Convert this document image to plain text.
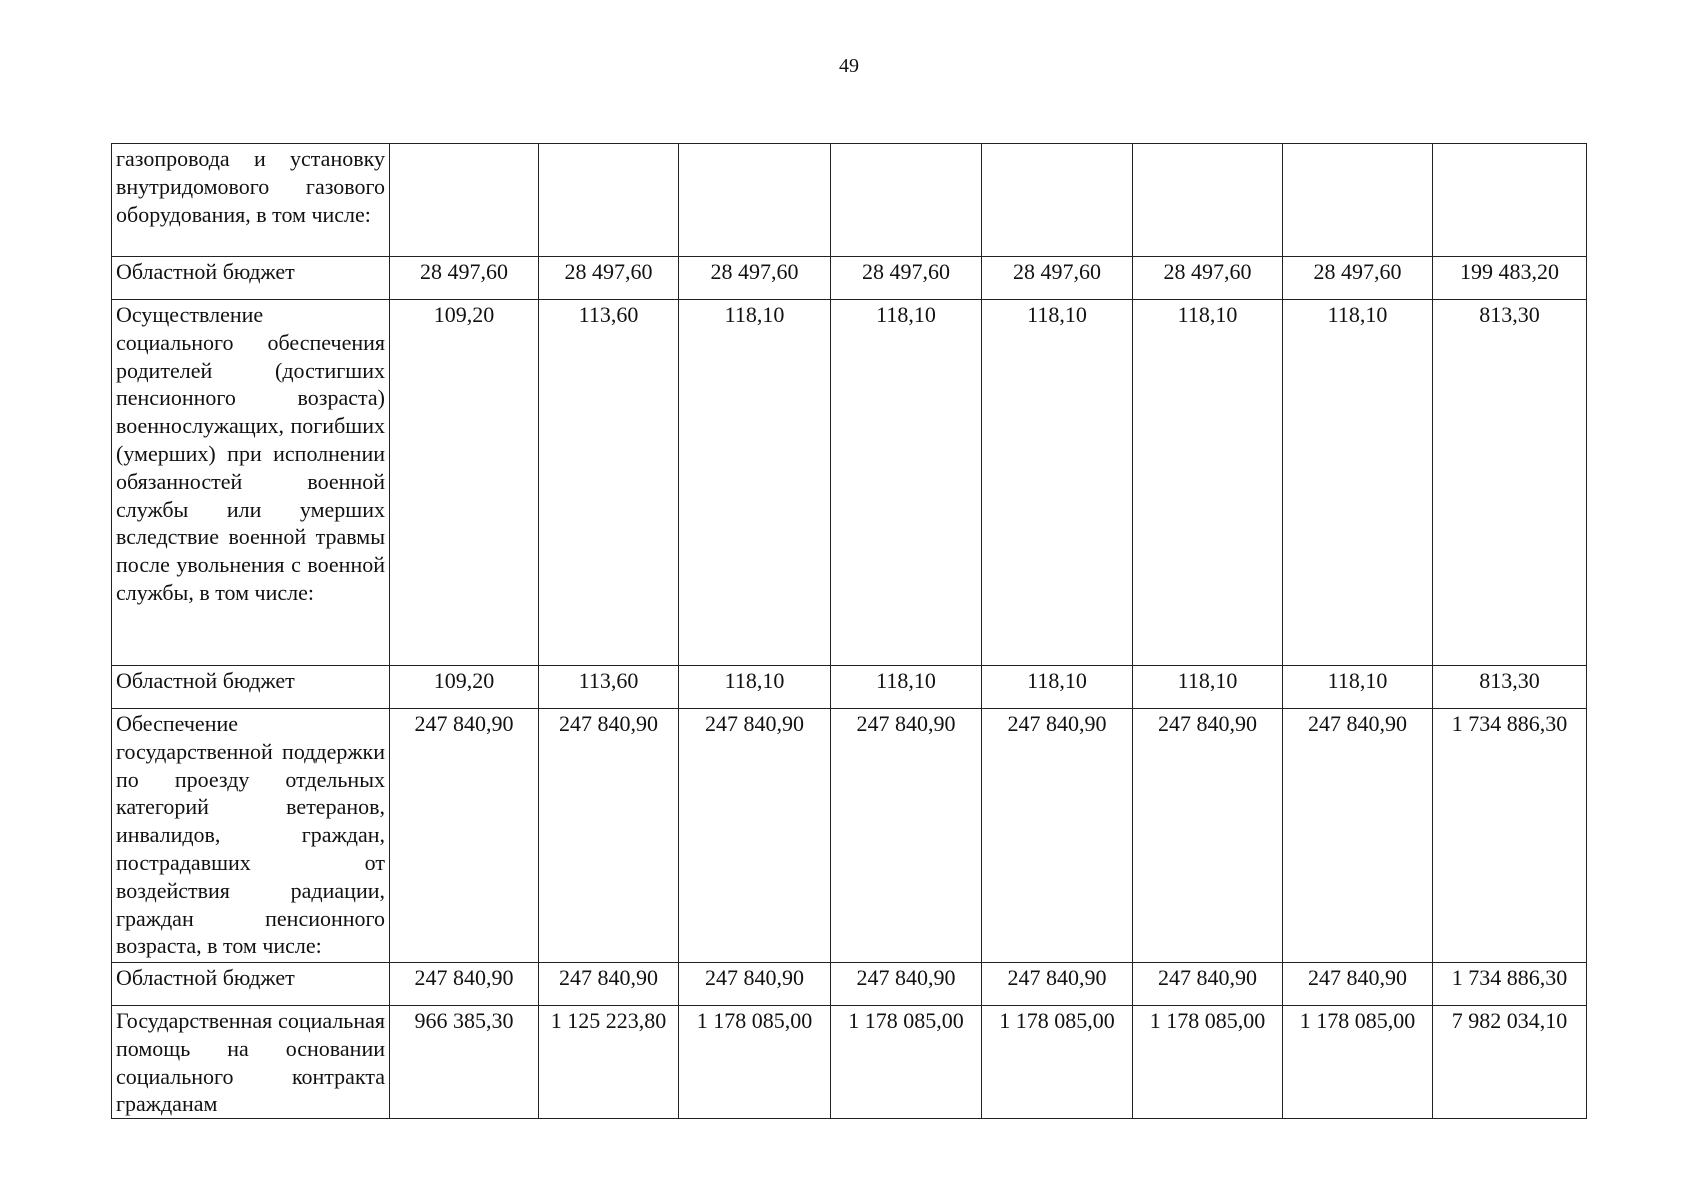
49
газопровода и установку внутридомового газового оборудования, в том числе:								
Областной бюджет	28 497,60	28 497,60	28 497,60	28 497,60	28 497,60	28 497,60	28 497,60	199 483,20
Осуществление социального обеспечения родителей (достигших пенсионного возраста) военнослужащих, погибших (умерших) при исполнении обязанностей военной службы или умерших вследствие военной травмы после увольнения с военной службы, в том числе:	109,20	113,60	118,10	118,10	118,10	118,10	118,10	813,30
Областной бюджет	109,20	113,60	118,10	118,10	118,10	118,10	118,10	813,30
Обеспечение государственной поддержки по проезду отдельных категорий ветеранов, инвалидов, граждан, пострадавших от воздействия радиации, граждан пенсионного возраста, в том числе:	247 840,90	247 840,90	247 840,90	247 840,90	247 840,90	247 840,90	247 840,90	1 734 886,30
Областной бюджет	247 840,90	247 840,90	247 840,90	247 840,90	247 840,90	247 840,90	247 840,90	1 734 886,30
Государственная социальная помощь на основании социального контракта гражданам	966 385,30	1 125 223,80	1 178 085,00	1 178 085,00	1 178 085,00	1 178 085,00	1 178 085,00	7 982 034,10
